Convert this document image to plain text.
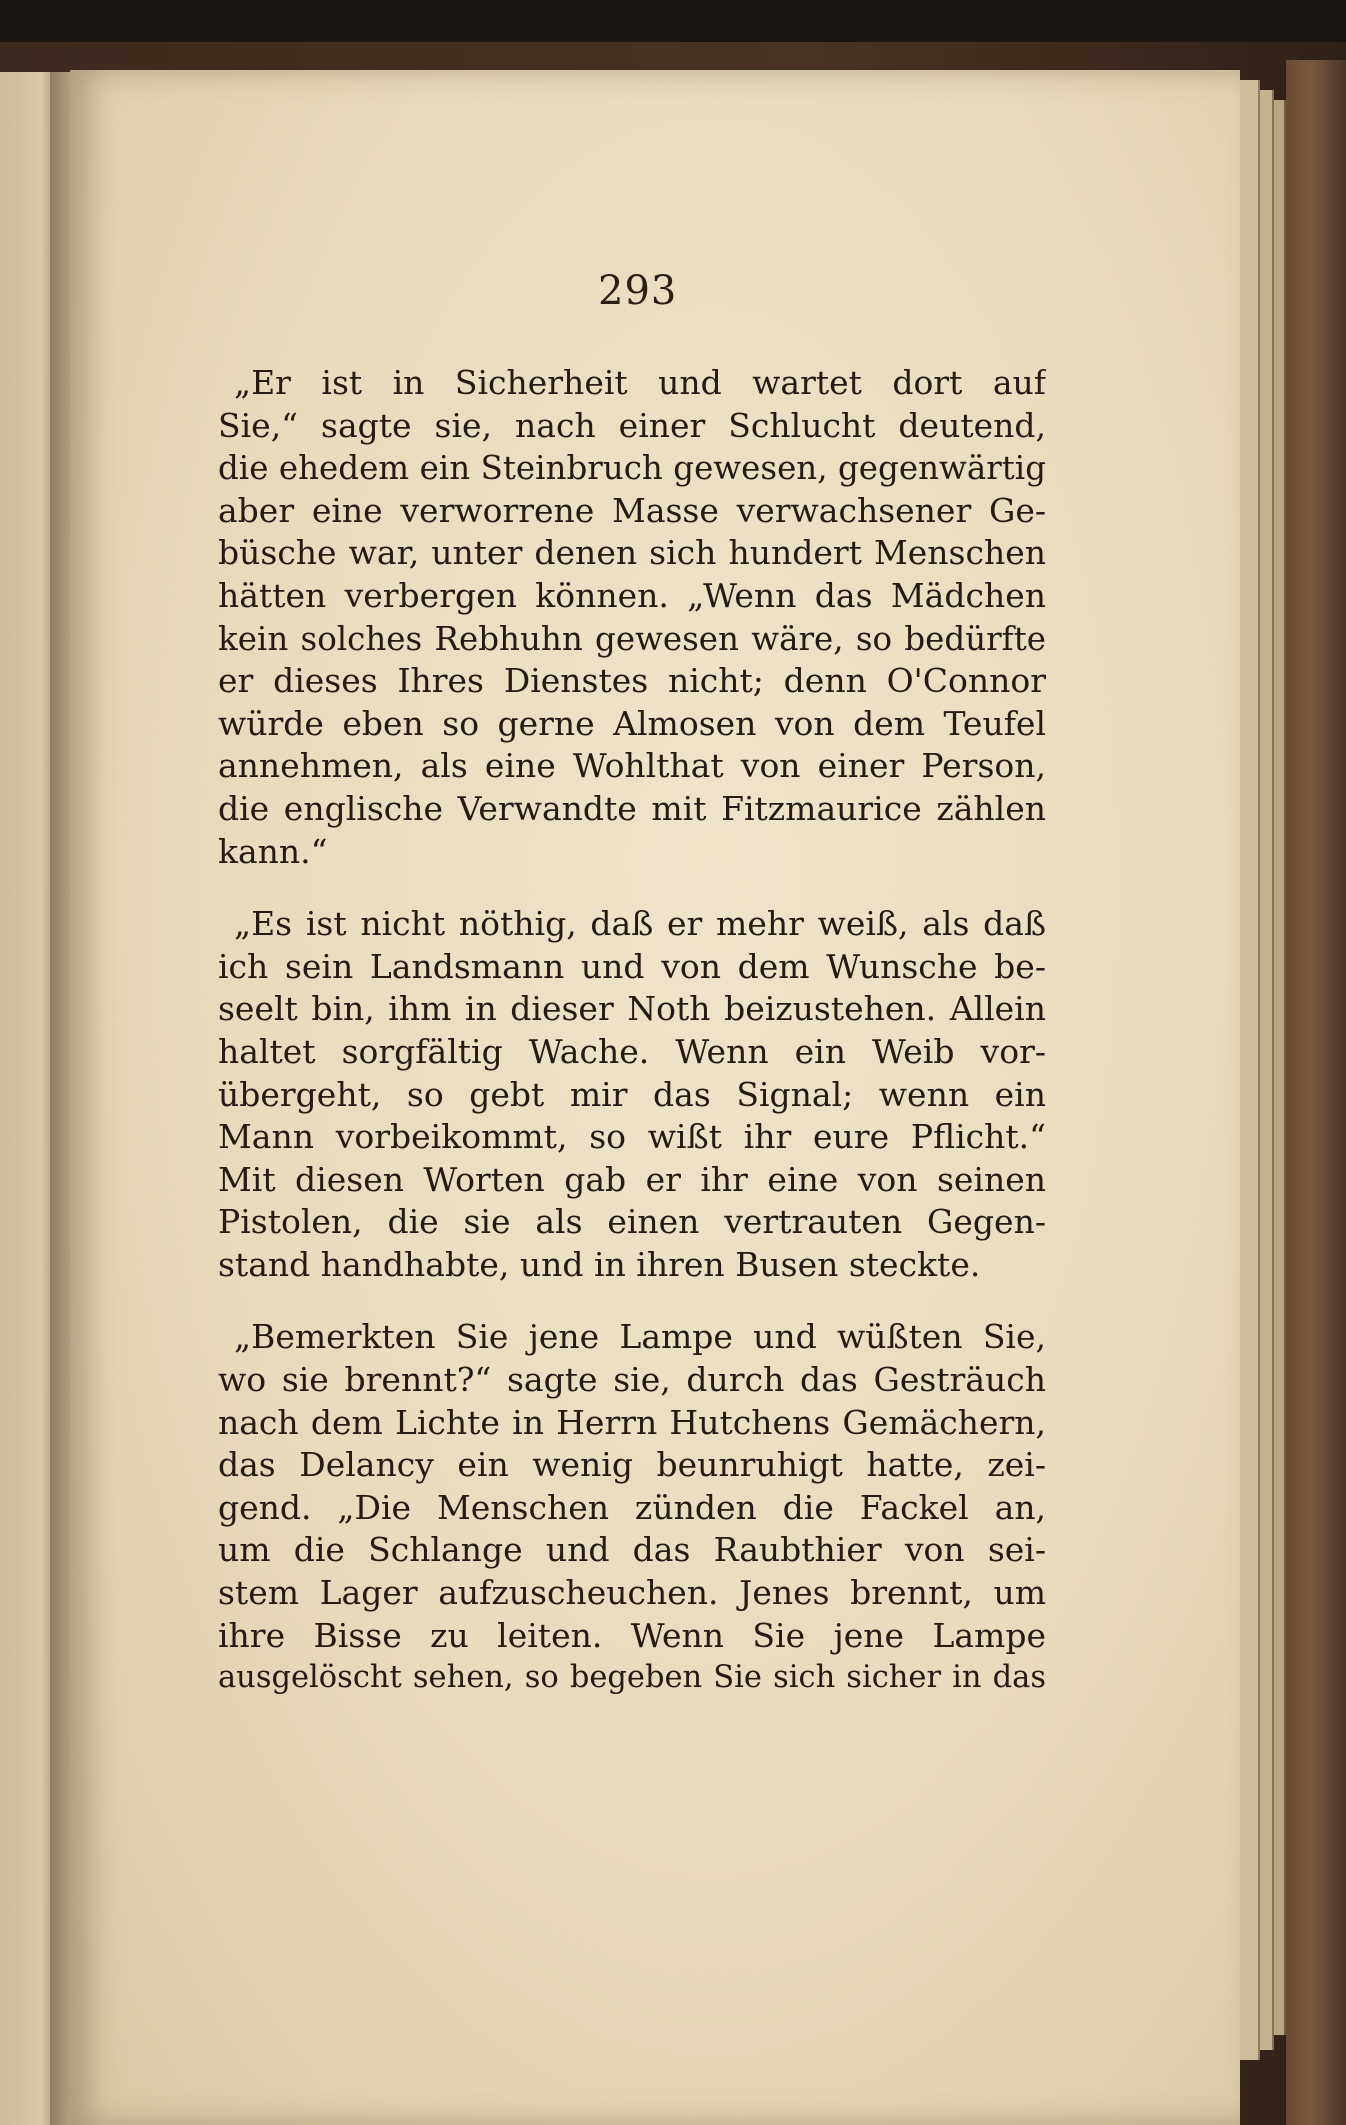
293
„Er ist in Sicherheit und wartet dort auf
Sie,“ sagte sie, nach einer Schlucht deutend,
die ehedem ein Steinbruch gewesen, gegenwärtig
aber eine verworrene Masse verwachsener Ge-
büsche war, unter denen sich hundert Menschen
hätten verbergen können. „Wenn das Mädchen
kein solches Rebhuhn gewesen wäre, so bedürfte
er dieses Ihres Dienstes nicht; denn O'Connor
würde eben so gerne Almosen von dem Teufel
annehmen, als eine Wohlthat von einer Person,
die englische Verwandte mit Fitzmaurice zählen
kann.“
„Es ist nicht nöthig, daß er mehr weiß, als daß
ich sein Landsmann und von dem Wunsche be-
seelt bin, ihm in dieser Noth beizustehen. Allein
haltet sorgfältig Wache. Wenn ein Weib vor-
übergeht, so gebt mir das Signal; wenn ein
Mann vorbeikommt, so wißt ihr eure Pflicht.“
Mit diesen Worten gab er ihr eine von seinen
Pistolen, die sie als einen vertrauten Gegen-
stand handhabte, und in ihren Busen steckte.
„Bemerkten Sie jene Lampe und wüßten Sie,
wo sie brennt?“ sagte sie, durch das Gesträuch
nach dem Lichte in Herrn Hutchens Gemächern,
das Delancy ein wenig beunruhigt hatte, zei-
gend. „Die Menschen zünden die Fackel an,
um die Schlange und das Raubthier von sei-
stem Lager aufzuscheuchen. Jenes brennt, um
ihre Bisse zu leiten. Wenn Sie jene Lampe
ausgelöscht sehen, so begeben Sie sich sicher in das
